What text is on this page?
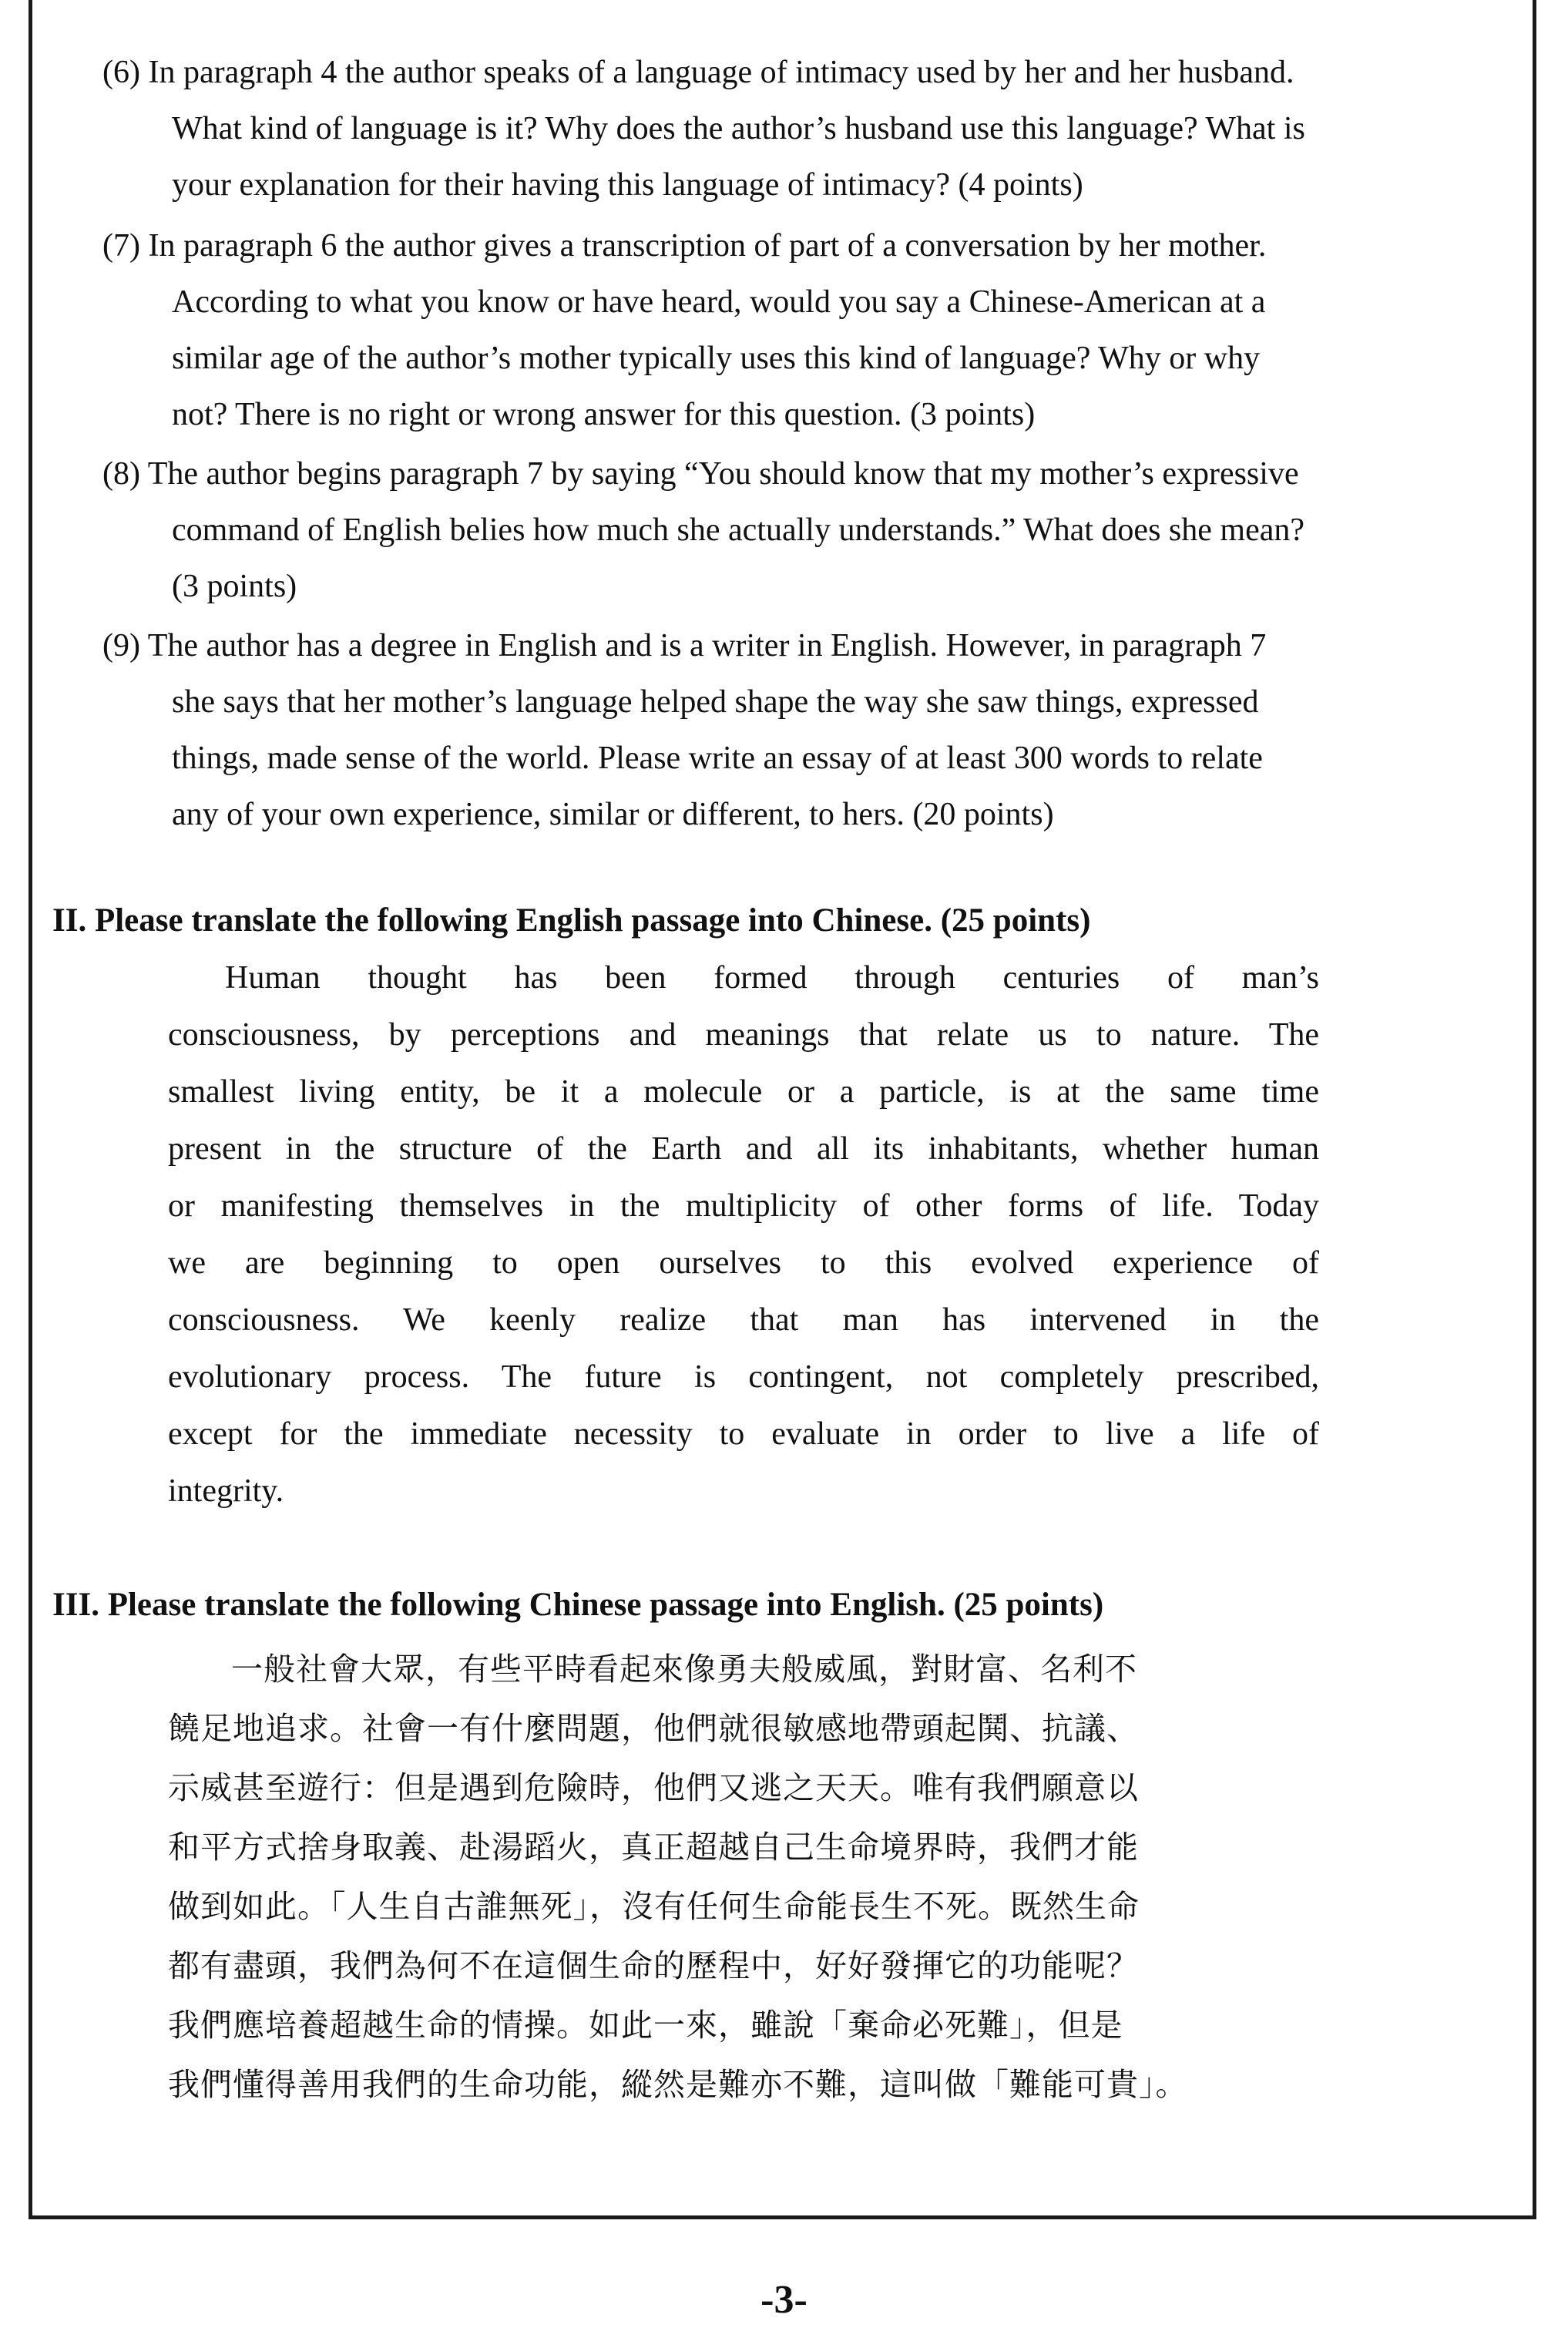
(6) In paragraph 4 the author speaks of a language of intimacy used by her and her husband.
What kind of language is it? Why does the author’s husband use this language? What is
your explanation for their having this language of intimacy? (4 points)
(7) In paragraph 6 the author gives a transcription of part of a conversation by her mother.
According to what you know or have heard, would you say a Chinese-American at a
similar age of the author’s mother typically uses this kind of language? Why or why
not? There is no right or wrong answer for this question. (3 points)
(8) The author begins paragraph 7 by saying “You should know that my mother’s expressive
command of English belies how much she actually understands.” What does she mean?
(3 points)
(9) The author has a degree in English and is a writer in English. However, in paragraph 7
she says that her mother’s language helped shape the way she saw things, expressed
things, made sense of the world. Please write an essay of at least 300 words to relate
any of your own experience, similar or different, to hers. (20 points)
II. Please translate the following English passage into Chinese. (25 points)
Human thought has been formed through centuries of man’s
consciousness, by perceptions and meanings that relate us to nature. The
smallest living entity, be it a molecule or a particle, is at the same time
present in the structure of the Earth and all its inhabitants, whether human
or manifesting themselves in the multiplicity of other forms of life. Today
we are beginning to open ourselves to this evolved experience of
consciousness. We keenly realize that man has intervened in the
evolutionary process. The future is contingent, not completely prescribed,
except for the immediate necessity to evaluate in order to live a life of
integrity.
III. Please translate the following Chinese passage into English. (25 points)
一般社會大眾，有些平時看起來像勇夫般威風，對財富、名利不
饒足地追求。社會一有什麼問題，他們就很敏感地帶頭起鬨、抗議、
示威甚至遊行：但是遇到危險時，他們又逃之天天。唯有我們願意以
和平方式捨身取義、赴湯蹈火，真正超越自己生命境界時，我們才能
做到如此。「人生自古誰無死」，沒有任何生命能長生不死。既然生命
都有盡頭，我們為何不在這個生命的歷程中，好好發揮它的功能呢？
我們應培養超越生命的情操。如此一來，雖說「棄命必死難」，但是
我們懂得善用我們的生命功能，縱然是難亦不難，這叫做「難能可貴」。
-3-
